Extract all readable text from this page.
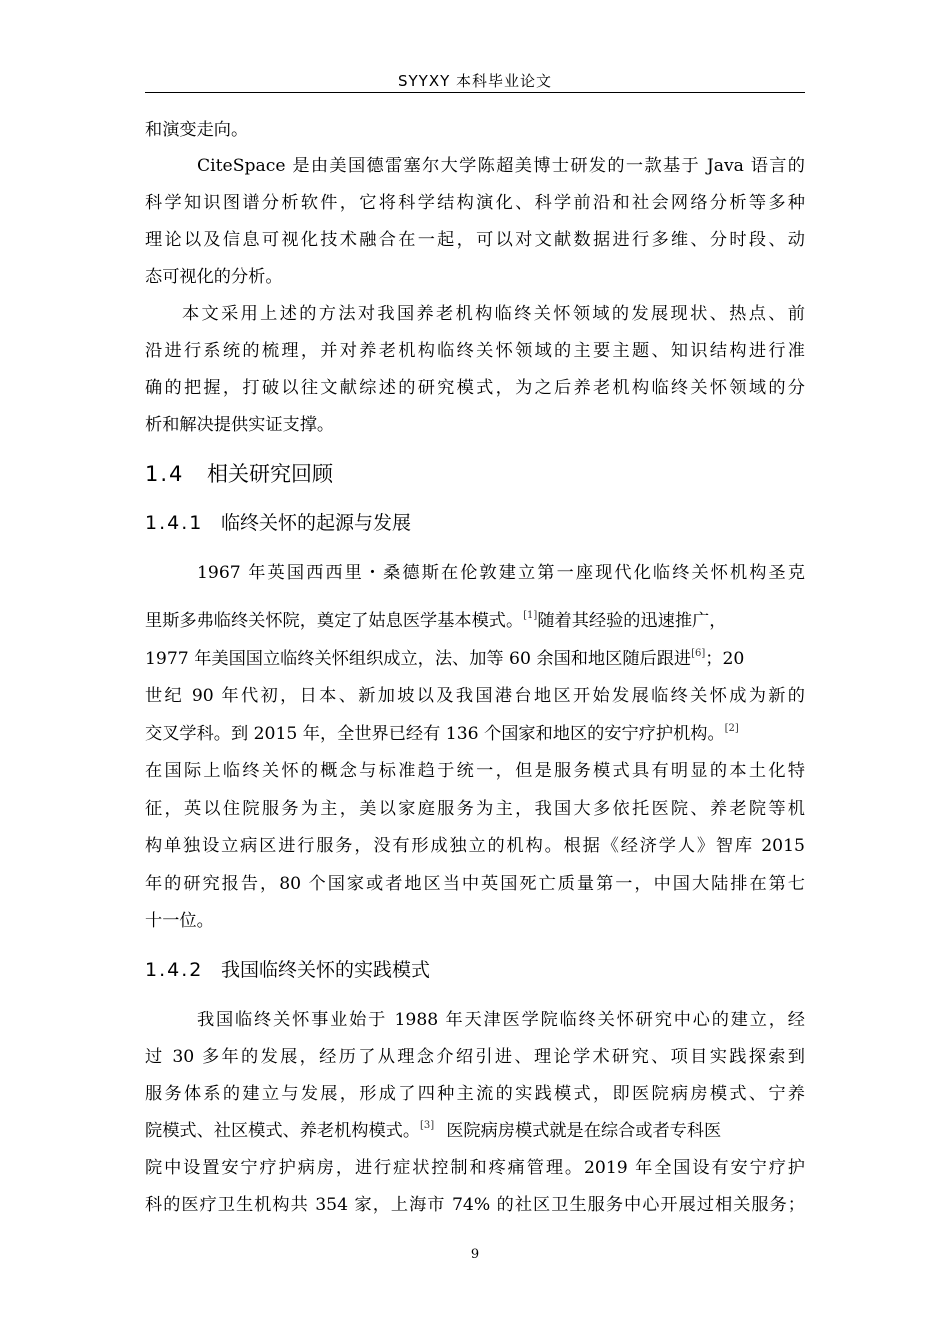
SYYXY 本科毕业论文
和演变走向。
CiteSpace 是由美国德雷塞尔大学陈超美博士研发的一款基于 Java 语言的
科学知识图谱分析软件，它将科学结构演化、科学前沿和社会网络分析等多种
理论以及信息可视化技术融合在一起，可以对文献数据进行多维、分时段、动
态可视化的分析。
本文采用上述的方法对我国养老机构临终关怀领域的发展现状、热点、前
沿进行系统的梳理，并对养老机构临终关怀领域的主要主题、知识结构进行准
确的把握，打破以往文献综述的研究模式，为之后养老机构临终关怀领域的分
析和解决提供实证支撑。
1.4 相关研究回顾
1.4.1 临终关怀的起源与发展
1967 年英国西西里・桑德斯在伦敦建立第一座现代化临终关怀机构圣克
里斯多弗临终关怀院，奠定了姑息医学基本模式。[1]随着其经验的迅速推广，
1977 年美国国立临终关怀组织成立，法、加等 60 余国和地区随后跟进[6]；20
世纪 90 年代初，日本、新加坡以及我国港台地区开始发展临终关怀成为新的
交叉学科。到 2015 年，全世界已经有 136 个国家和地区的安宁疗护机构。[2]
在国际上临终关怀的概念与标准趋于统一，但是服务模式具有明显的本土化特
征，英以住院服务为主，美以家庭服务为主，我国大多依托医院、养老院等机
构单独设立病区进行服务，没有形成独立的机构。根据《经济学人》智库 2015
年的研究报告，80 个国家或者地区当中英国死亡质量第一，中国大陆排在第七
十一位。
1.4.2 我国临终关怀的实践模式
我国临终关怀事业始于 1988 年天津医学院临终关怀研究中心的建立，经
过 30 多年的发展，经历了从理念介绍引进、理论学术研究、项目实践探索到
服务体系的建立与发展，形成了四种主流的实践模式，即医院病房模式、宁养
院模式、社区模式、养老机构模式。[3] 医院病房模式就是在综合或者专科医
院中设置安宁疗护病房，进行症状控制和疼痛管理。2019 年全国设有安宁疗护
科的医疗卫生机构共 354 家，上海市 74% 的社区卫生服务中心开展过相关服务；
9
